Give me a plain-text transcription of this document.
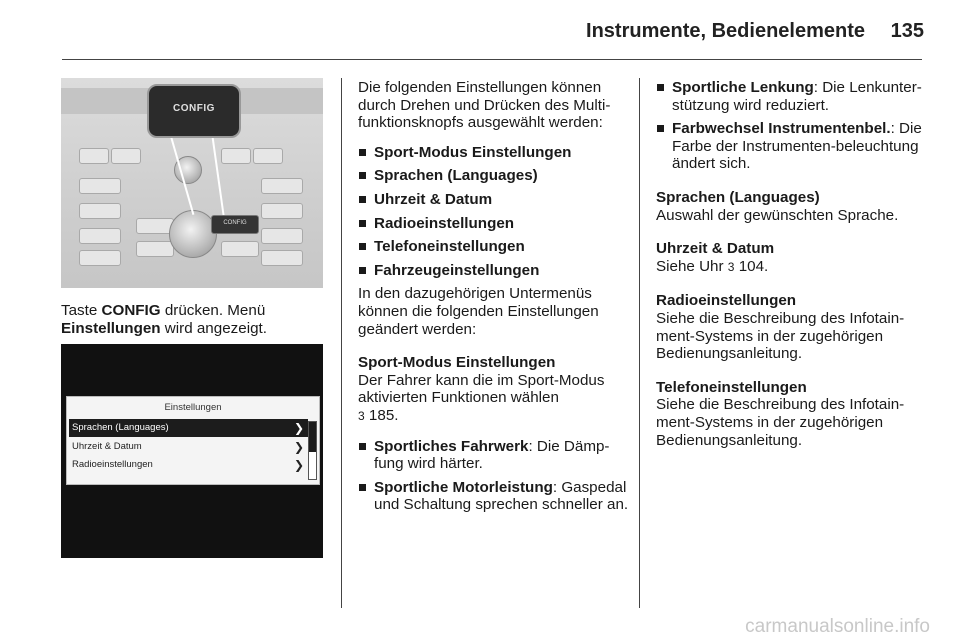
Instrumente, Bedienelemente	135
CONFIG
CONFIG

Taste CONFIG drücken. Menü
Einstellungen wird angezeigt.

Einstellungen
Sprachen (Languages)	❯
Uhrzeit & Datum	❯
Radioeinstellungen	❯

Die folgenden Einstellungen können durch Drehen und Drücken des Multi-funktionsknopfs ausgewählt werden:

Sport-Modus Einstellungen
Sprachen (Languages)
Uhrzeit & Datum
Radioeinstellungen
Telefoneinstellungen
Fahrzeugeinstellungen

In den dazugehörigen Untermenüs können die folgenden Einstellungen geändert werden:

Sport-Modus Einstellungen
Der Fahrer kann die im Sport-Modus aktivierten Funktionen wählen
3 185.

Sportliches Fahrwerk: Die Dämp-fung wird härter.
Sportliche Motorleistung: Gaspedal und Schaltung sprechen schneller an.
Sportliche Lenkung: Die Lenkunter-stützung wird reduziert.
Farbwechsel Instrumentenbel.: Die Farbe der Instrumenten-beleuchtung ändert sich.

Sprachen (Languages)
Auswahl der gewünschten Sprache.

Uhrzeit & Datum
Siehe Uhr 3 104.

Radioeinstellungen
Siehe die Beschreibung des Infotain-ment-Systems in der zugehörigen Bedienungsanleitung.

Telefoneinstellungen
Siehe die Beschreibung des Infotain-ment-Systems in der zugehörigen Bedienungsanleitung.

carmanualsonline.info
